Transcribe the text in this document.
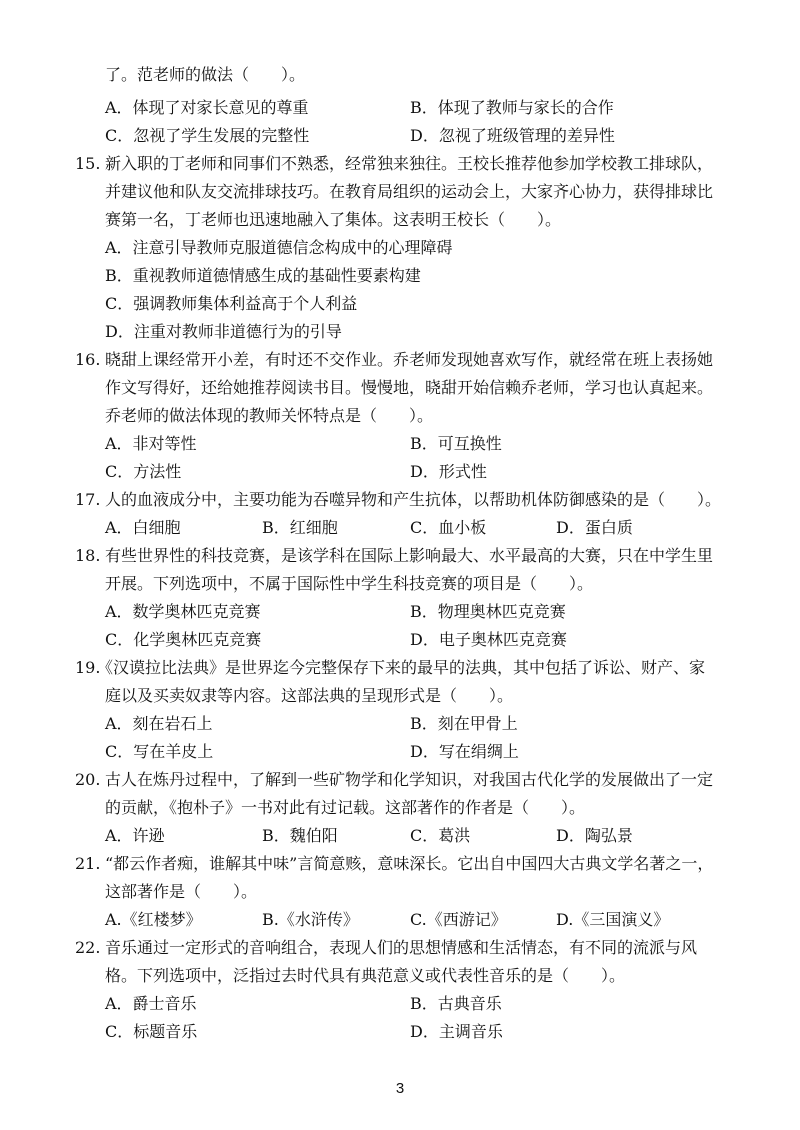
了。范老师的做法（　　）。
A．体现了对家长意见的尊重	B．体现了教师与家长的合作
C．忽视了学生发展的完整性	D．忽视了班级管理的差异性
15. 新入职的丁老师和同事们不熟悉，经常独来独往。王校长推荐他参加学校教工排球队，
并建议他和队友交流排球技巧。在教育局组织的运动会上，大家齐心协力，获得排球比
赛第一名，丁老师也迅速地融入了集体。这表明王校长（　　）。
A．注意引导教师克服道德信念构成中的心理障碍
B．重视教师道德情感生成的基础性要素构建
C．强调教师集体利益高于个人利益
D．注重对教师非道德行为的引导
16. 晓甜上课经常开小差，有时还不交作业。乔老师发现她喜欢写作，就经常在班上表扬她
作文写得好，还给她推荐阅读书目。慢慢地，晓甜开始信赖乔老师，学习也认真起来。
乔老师的做法体现的教师关怀特点是（　　）。
A．非对等性	B．可互换性
C．方法性	D．形式性
17. 人的血液成分中，主要功能为吞噬异物和产生抗体，以帮助机体防御感染的是（　　）。
A．白细胞	B．红细胞	C．血小板	D．蛋白质
18. 有些世界性的科技竞赛，是该学科在国际上影响最大、水平最高的大赛，只在中学生里
开展。下列选项中，不属于国际性中学生科技竞赛的项目是（　　）。
A．数学奥林匹克竞赛	B．物理奥林匹克竞赛
C．化学奥林匹克竞赛	D．电子奥林匹克竞赛
19.
《汉谟拉比法典》是世界迄今完整保存下来的最早的法典，其中包括了诉讼、财产、家
庭以及买卖奴隶等内容。这部法典的呈现形式是（　　）。
A．刻在岩石上	B．刻在甲骨上
C．写在羊皮上	D．写在绢绸上
20. 古人在炼丹过程中，了解到一些矿物学和化学知识，对我国古代化学的发展做出了一定
的贡献，《抱朴子》一书对此有过记载。这部著作的作者是（　　）。
A．许逊	B．魏伯阳	C．葛洪	D．陶弘景
21. “都云作者痴，谁解其中味”言简意赅，意味深长。它出自中国四大古典文学名著之一，
这部著作是（　　）。
A.《红楼梦》	B.《水浒传》	C.《西游记》	D.《三国演义》
22. 音乐通过一定形式的音响组合，表现人们的思想情感和生活情态，有不同的流派与风
格。下列选项中，泛指过去时代具有典范意义或代表性音乐的是（　　）。
A．爵士音乐	B．古典音乐
C．标题音乐	D．主调音乐
3
